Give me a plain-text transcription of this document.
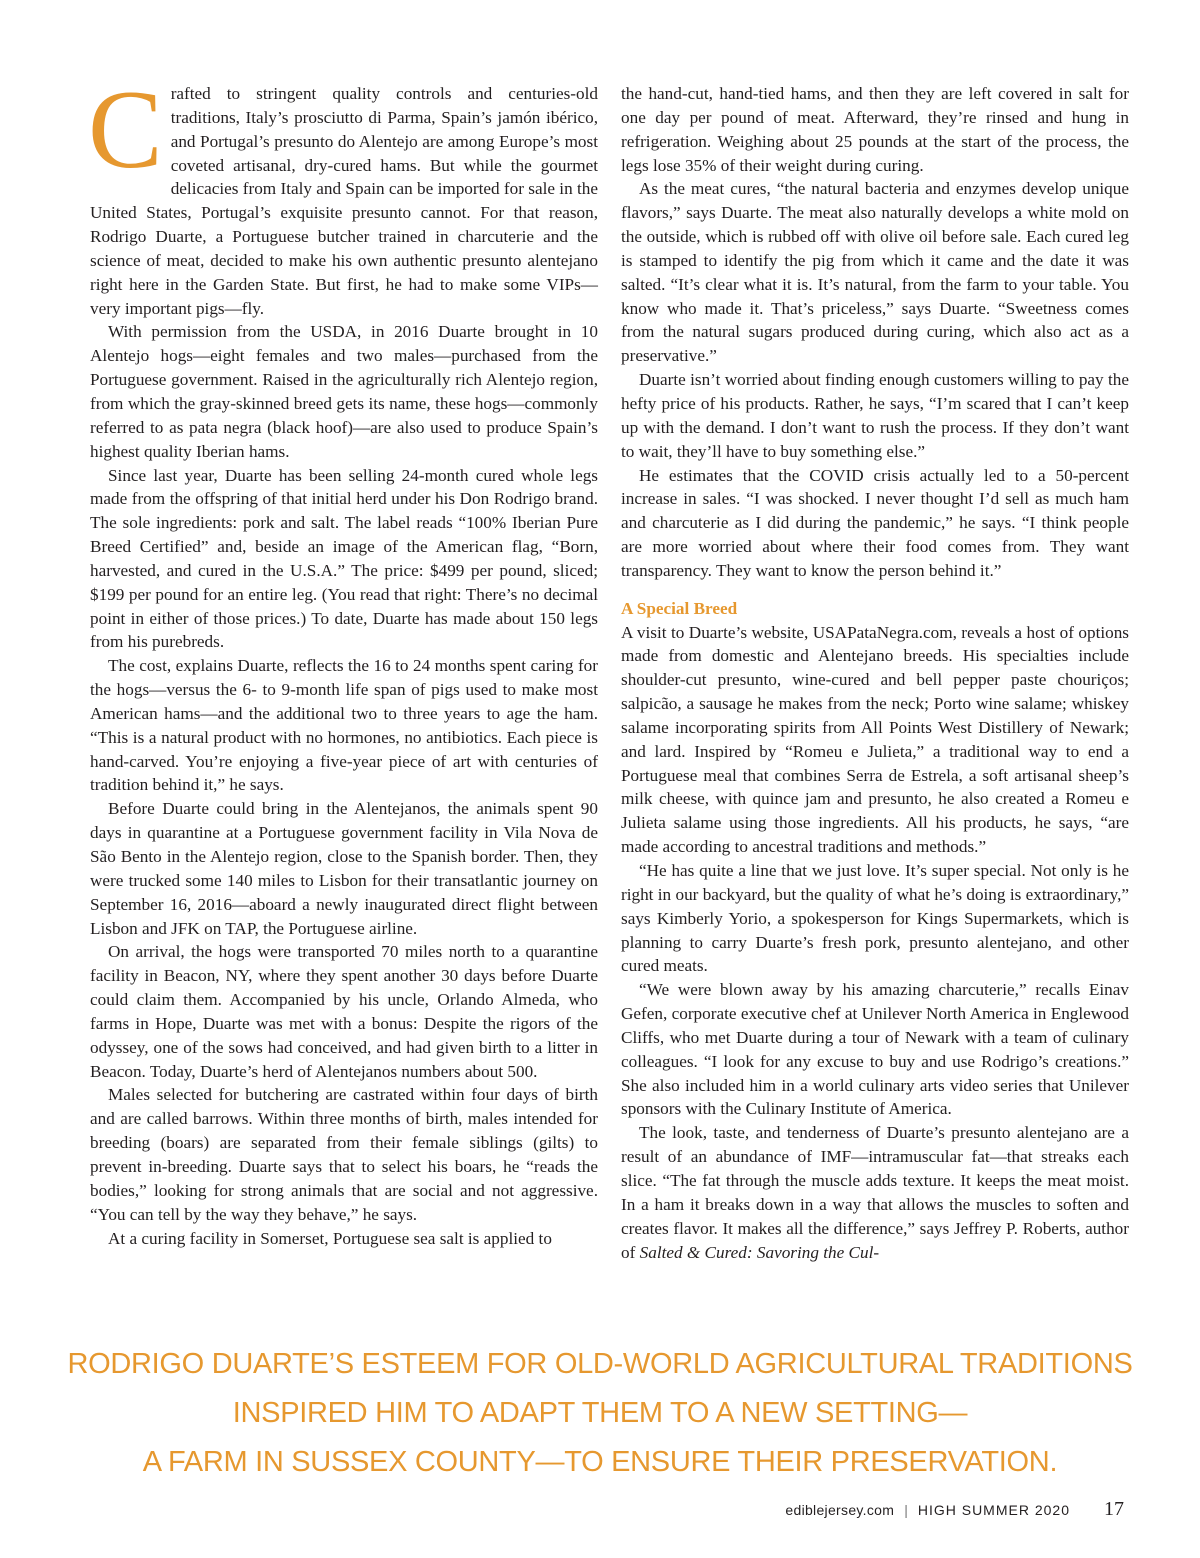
Crafted to stringent quality controls and centuries-old traditions, Italy’s prosciutto di Parma, Spain’s jamón ibérico, and Portugal’s presunto do Alentejo are among Europe’s most coveted artisanal, dry-cured hams. But while the gourmet delicacies from Italy and Spain can be imported for sale in the United States, Portugal’s exquisite presunto cannot. For that reason, Rodrigo Duarte, a Portuguese butcher trained in charcuterie and the science of meat, decided to make his own authentic presunto alentejano right here in the Garden State. But first, he had to make some VIPs—very important pigs—fly.

With permission from the USDA, in 2016 Duarte brought in 10 Alentejo hogs—eight females and two males—purchased from the Portuguese government. Raised in the agriculturally rich Alentejo region, from which the gray-skinned breed gets its name, these hogs—commonly referred to as pata negra (black hoof)—are also used to produce Spain’s highest quality Iberian hams.

Since last year, Duarte has been selling 24-month cured whole legs made from the offspring of that initial herd under his Don Rodrigo brand. The sole ingredients: pork and salt. The label reads “100% Iberian Pure Breed Certified” and, beside an image of the American flag, “Born, harvested, and cured in the U.S.A.” The price: $499 per pound, sliced; $199 per pound for an entire leg. (You read that right: There’s no decimal point in either of those prices.) To date, Duarte has made about 150 legs from his purebreds.

The cost, explains Duarte, reflects the 16 to 24 months spent caring for the hogs—versus the 6- to 9-month life span of pigs used to make most American hams—and the additional two to three years to age the ham. “This is a natural product with no hormones, no antibiotics. Each piece is hand-carved. You’re enjoying a five-year piece of art with centuries of tradition behind it,” he says.

Before Duarte could bring in the Alentejanos, the animals spent 90 days in quarantine at a Portuguese government facility in Vila Nova de São Bento in the Alentejo region, close to the Spanish border. Then, they were trucked some 140 miles to Lisbon for their transatlantic journey on September 16, 2016—aboard a newly inaugurated direct flight between Lisbon and JFK on TAP, the Portuguese airline.

On arrival, the hogs were transported 70 miles north to a quarantine facility in Beacon, NY, where they spent another 30 days before Duarte could claim them. Accompanied by his uncle, Orlando Almeda, who farms in Hope, Duarte was met with a bonus: Despite the rigors of the odyssey, one of the sows had conceived, and had given birth to a litter in Beacon. Today, Duarte’s herd of Alentejanos numbers about 500.

Males selected for butchering are castrated within four days of birth and are called barrows. Within three months of birth, males intended for breeding (boars) are separated from their female siblings (gilts) to prevent in-breeding. Duarte says that to select his boars, he “reads the bodies,” looking for strong animals that are social and not aggressive. “You can tell by the way they behave,” he says.

At a curing facility in Somerset, Portuguese sea salt is applied to

the hand-cut, hand-tied hams, and then they are left covered in salt for one day per pound of meat. Afterward, they’re rinsed and hung in refrigeration. Weighing about 25 pounds at the start of the process, the legs lose 35% of their weight during curing.

As the meat cures, “the natural bacteria and enzymes develop unique flavors,” says Duarte. The meat also naturally develops a white mold on the outside, which is rubbed off with olive oil before sale. Each cured leg is stamped to identify the pig from which it came and the date it was salted. “It’s clear what it is. It’s natural, from the farm to your table. You know who made it. That’s priceless,” says Duarte. “Sweetness comes from the natural sugars produced during curing, which also act as a preservative.”

Duarte isn’t worried about finding enough customers willing to pay the hefty price of his products. Rather, he says, “I’m scared that I can’t keep up with the demand. I don’t want to rush the process. If they don’t want to wait, they’ll have to buy something else.”

He estimates that the COVID crisis actually led to a 50-percent increase in sales. “I was shocked. I never thought I’d sell as much ham and charcuterie as I did during the pandemic,” he says. “I think people are more worried about where their food comes from. They want transparency. They want to know the person behind it.”

A Special Breed

A visit to Duarte’s website, USAPataNegra.com, reveals a host of options made from domestic and Alentejano breeds. His specialties include shoulder-cut presunto, wine-cured and bell pepper paste chouriços; salpicão, a sausage he makes from the neck; Porto wine salame; whiskey salame incorporating spirits from All Points West Distillery of Newark; and lard. Inspired by “Romeu e Julieta,” a traditional way to end a Portuguese meal that combines Serra de Estrela, a soft artisanal sheep’s milk cheese, with quince jam and presunto, he also created a Romeu e Julieta salame using those ingredients. All his products, he says, “are made according to ancestral traditions and methods.”

“He has quite a line that we just love. It’s super special. Not only is he right in our backyard, but the quality of what he’s doing is extraordinary,” says Kimberly Yorio, a spokesperson for Kings Supermarkets, which is planning to carry Duarte’s fresh pork, presunto alentejano, and other cured meats.

“We were blown away by his amazing charcuterie,” recalls Einav Gefen, corporate executive chef at Unilever North America in Englewood Cliffs, who met Duarte during a tour of Newark with a team of culinary colleagues. “I look for any excuse to buy and use Rodrigo’s creations.” She also included him in a world culinary arts video series that Unilever sponsors with the Culinary Institute of America.

The look, taste, and tenderness of Duarte’s presunto alentejano are a result of an abundance of IMF—intramuscular fat—that streaks each slice. “The fat through the muscle adds texture. It keeps the meat moist. In a ham it breaks down in a way that allows the muscles to soften and creates flavor. It makes all the difference,” says Jeffrey P. Roberts, author of Salted & Cured: Savoring the Cul-

RODRIGO DUARTE’S ESTEEM FOR OLD-WORLD AGRICULTURAL TRADITIONS
INSPIRED HIM TO ADAPT THEM TO A NEW SETTING—
A FARM IN SUSSEX COUNTY—TO ENSURE THEIR PRESERVATION.
ediblejersey.com | HIGH SUMMER 2020 17
